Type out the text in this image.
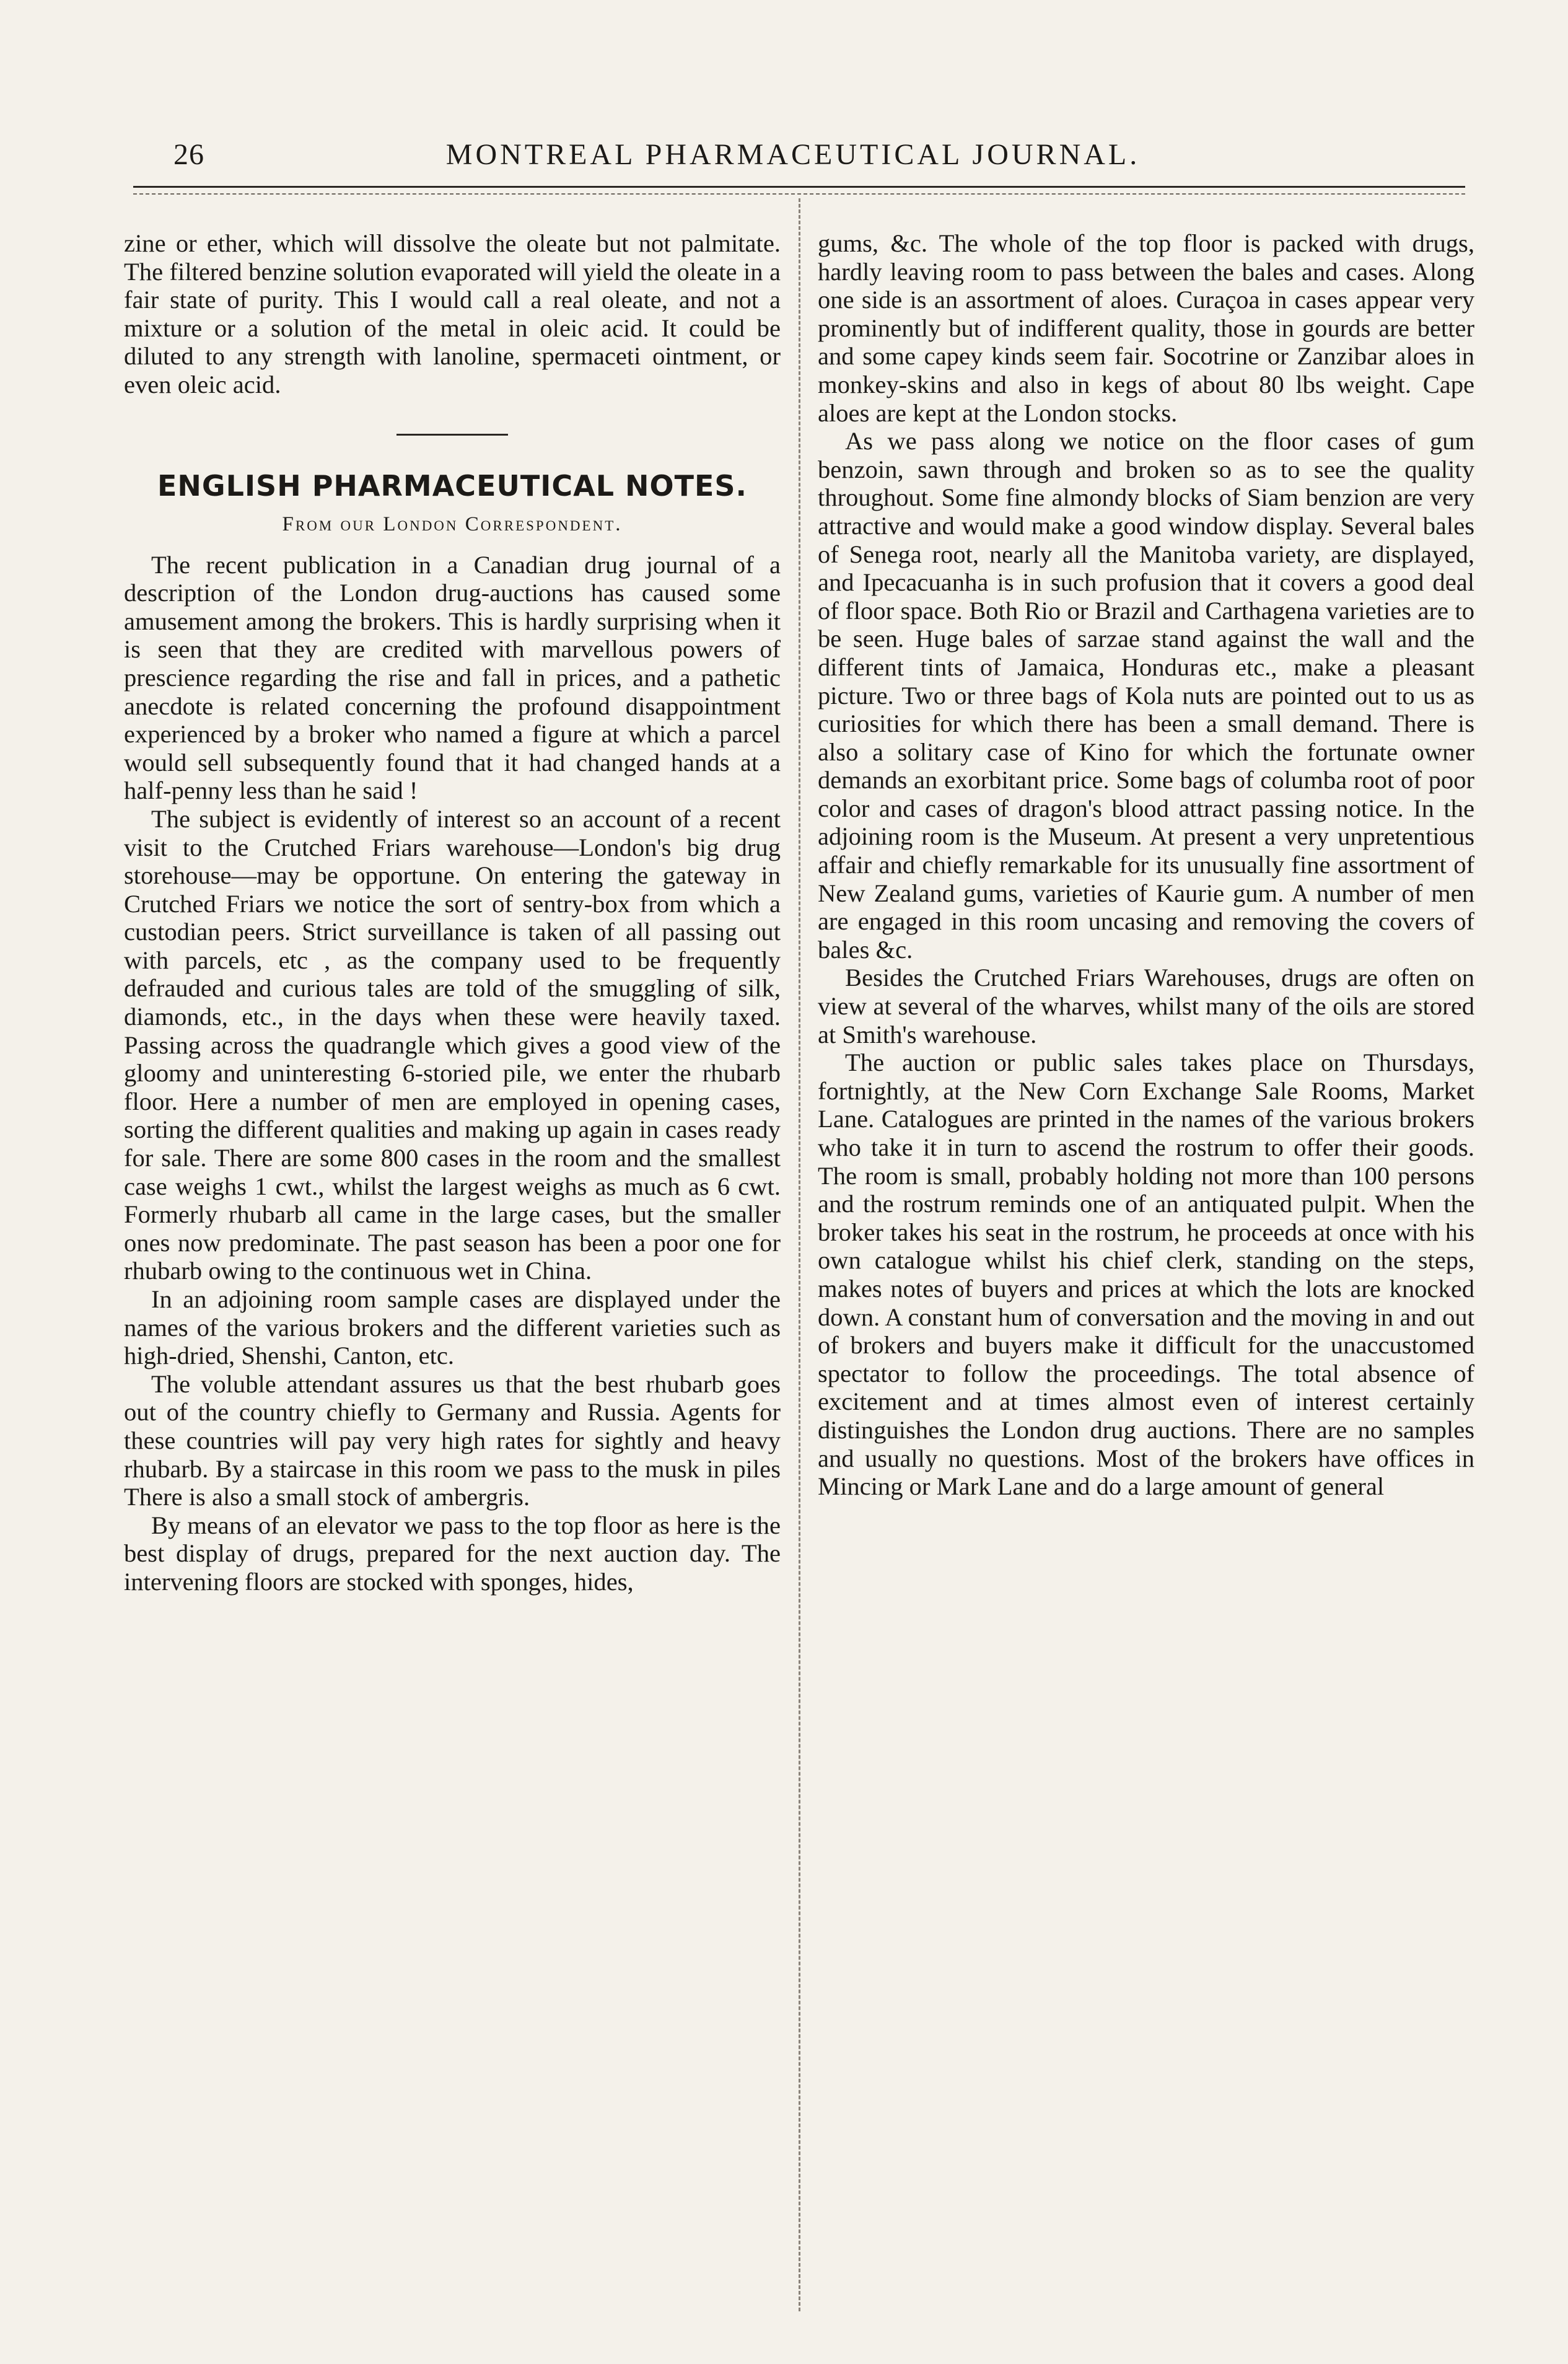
26	MONTREAL PHARMACEUTICAL JOURNAL.

zine or ether, which will dissolve the oleate but not palmitate. The filtered benzine solution evaporated will yield the oleate in a fair state of purity. This I would call a real oleate, and not a mixture or a solution of the metal in oleic acid. It could be diluted to any strength with lanoline, spermaceti ointment, or even oleic acid.

ENGLISH PHARMACEUTICAL NOTES.
From our London Correspondent.

The recent publication in a Canadian drug journal of a description of the London drug-auctions has caused some amusement among the brokers. This is hardly surprising when it is seen that they are credited with marvellous powers of prescience regarding the rise and fall in prices, and a pathetic anecdote is related concerning the profound disappointment experienced by a broker who named a figure at which a parcel would sell subsequently found that it had changed hands at a half-penny less than he said !

The subject is evidently of interest so an account of a recent visit to the Crutched Friars warehouse—London's big drug storehouse—may be opportune. On entering the gateway in Crutched Friars we notice the sort of sentry-box from which a custodian peers. Strict surveillance is taken of all passing out with parcels, etc , as the company used to be frequently defrauded and curious tales are told of the smuggling of silk, diamonds, etc., in the days when these were heavily taxed. Passing across the quadrangle which gives a good view of the gloomy and uninteresting 6-storied pile, we enter the rhubarb floor. Here a number of men are employed in opening cases, sorting the different qualities and making up again in cases ready for sale. There are some 800 cases in the room and the smallest case weighs 1 cwt., whilst the largest weighs as much as 6 cwt. Formerly rhubarb all came in the large cases, but the smaller ones now predominate. The past season has been a poor one for rhubarb owing to the continuous wet in China.

In an adjoining room sample cases are displayed under the names of the various brokers and the different varieties such as high-dried, Shenshi, Canton, etc.

The voluble attendant assures us that the best rhubarb goes out of the country chiefly to Germany and Russia. Agents for these countries will pay very high rates for sightly and heavy rhubarb. By a staircase in this room we pass to the musk in piles There is also a small stock of ambergris.

By means of an elevator we pass to the top floor as here is the best display of drugs, prepared for the next auction day. The intervening floors are stocked with sponges, hides,

gums, &c. The whole of the top floor is packed with drugs, hardly leaving room to pass between the bales and cases. Along one side is an assortment of aloes. Curaçoa in cases appear very prominently but of indifferent quality, those in gourds are better and some capey kinds seem fair. Socotrine or Zanzibar aloes in monkey-skins and also in kegs of about 80 lbs weight. Cape aloes are kept at the London stocks.

As we pass along we notice on the floor cases of gum benzoin, sawn through and broken so as to see the quality throughout. Some fine almondy blocks of Siam benzion are very attractive and would make a good window display. Several bales of Senega root, nearly all the Manitoba variety, are displayed, and Ipecacuanha is in such profusion that it covers a good deal of floor space. Both Rio or Brazil and Carthagena varieties are to be seen. Huge bales of sarzae stand against the wall and the different tints of Jamaica, Honduras etc., make a pleasant picture. Two or three bags of Kola nuts are pointed out to us as curiosities for which there has been a small demand. There is also a solitary case of Kino for which the fortunate owner demands an exorbitant price. Some bags of columba root of poor color and cases of dragon's blood attract passing notice. In the adjoining room is the Museum. At present a very unpretentious affair and chiefly remarkable for its unusually fine assortment of New Zealand gums, varieties of Kaurie gum. A number of men are engaged in this room uncasing and removing the covers of bales &c.

Besides the Crutched Friars Warehouses, drugs are often on view at several of the wharves, whilst many of the oils are stored at Smith's warehouse.

The auction or public sales takes place on Thursdays, fortnightly, at the New Corn Exchange Sale Rooms, Market Lane. Catalogues are printed in the names of the various brokers who take it in turn to ascend the rostrum to offer their goods. The room is small, probably holding not more than 100 persons and the rostrum reminds one of an antiquated pulpit. When the broker takes his seat in the rostrum, he proceeds at once with his own catalogue whilst his chief clerk, standing on the steps, makes notes of buyers and prices at which the lots are knocked down. A constant hum of conversation and the moving in and out of brokers and buyers make it difficult for the unaccustomed spectator to follow the proceedings. The total absence of excitement and at times almost even of interest certainly distinguishes the London drug auctions. There are no samples and usually no questions. Most of the brokers have offices in Mincing or Mark Lane and do a large amount of general
